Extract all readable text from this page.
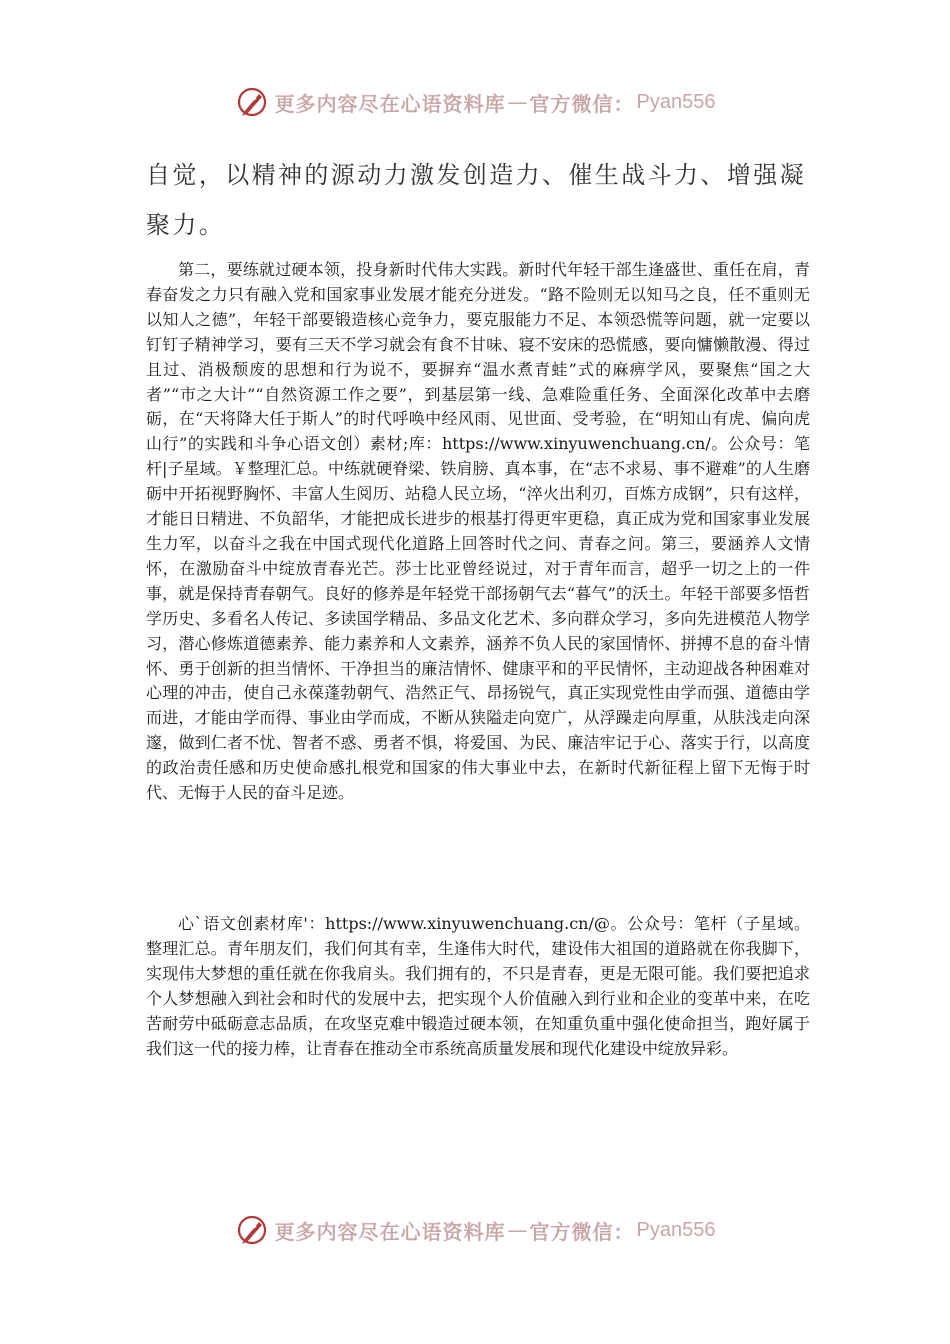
更多内容尽在心语资料库 — 官方微信： Pyan556

自觉，以精神的源动力激发创造力、催生战斗力、增强凝聚力。

第二，要练就过硬本领，投身新时代伟大实践。新时代年轻干部生逢盛世、重任在肩，青春奋发之力只有融入党和国家事业发展才能充分迸发。“路不险则无以知马之良，任不重则无以知人之德”，年轻干部要锻造核心竞争力，要克服能力不足、本领恐慌等问题，就一定要以钉钉子精神学习，要有三天不学习就会有食不甘味、寝不安床的恐慌感，要向慵懒散漫、得过且过、消极颓废的思想和行为说不，要摒弃“温水煮青蛙”式的麻痹学风，要聚焦“国之大者”“市之大计”“自然资源工作之要”，到基层第一线、急难险重任务、全面深化改革中去磨砺，在“天将降大任于斯人”的时代呼唤中经风雨、见世面、受考验，在“明知山有虎、偏向虎山行”的实践和斗争心语文创）素材;库：https://www.xinyuwenchuang.cn/。公众号：笔杆|子星域。￥整理汇总。中练就硬脊梁、铁肩膀、真本事，在“志不求易、事不避难”的人生磨砺中开拓视野胸怀、丰富人生阅历、站稳人民立场，“淬火出利刃，百炼方成钢”，只有这样，才能日日精进、不负韶华，才能把成长进步的根基打得更牢更稳，真正成为党和国家事业发展生力军，以奋斗之我在中国式现代化道路上回答时代之问、青春之问。第三，要涵养人文情怀，在激励奋斗中绽放青春光芒。莎士比亚曾经说过，对于青年而言，超乎一切之上的一件事，就是保持青春朝气。良好的修养是年轻党干部扬朝气去“暮气”的沃土。年轻干部要多悟哲学历史、多看名人传记、多读国学精品、多品文化艺术、多向群众学习，多向先进模范人物学习，潜心修炼道德素养、能力素养和人文素养，涵养不负人民的家国情怀、拼搏不息的奋斗情怀、勇于创新的担当情怀、干净担当的廉洁情怀、健康平和的平民情怀，主动迎战各种困难对心理的冲击，使自己永葆蓬勃朝气、浩然正气、昂扬锐气，真正实现党性由学而强、道德由学而进，才能由学而得、事业由学而成，不断从狭隘走向宽广，从浮躁走向厚重，从肤浅走向深邃，做到仁者不忧、智者不惑、勇者不惧，将爱国、为民、廉洁牢记于心、落实于行，以高度的政治责任感和历史使命感扎根党和国家的伟大事业中去，在新时代新征程上留下无悔于时代、无悔于人民的奋斗足迹。

心`语文创素材库'：https://www.xinyuwenchuang.cn/@。公众号：笔杆（子星域。整理汇总。青年朋友们，我们何其有幸，生逢伟大时代，建设伟大祖国的道路就在你我脚下，实现伟大梦想的重任就在你我肩头。我们拥有的，不只是青春，更是无限可能。我们要把追求个人梦想融入到社会和时代的发展中去，把实现个人价值融入到行业和企业的变革中来，在吃苦耐劳中砥砺意志品质，在攻坚克难中锻造过硬本领，在知重负重中强化使命担当，跑好属于我们这一代的接力棒，让青春在推动全市系统高质量发展和现代化建设中绽放异彩。

更多内容尽在心语资料库 — 官方微信： Pyan556
